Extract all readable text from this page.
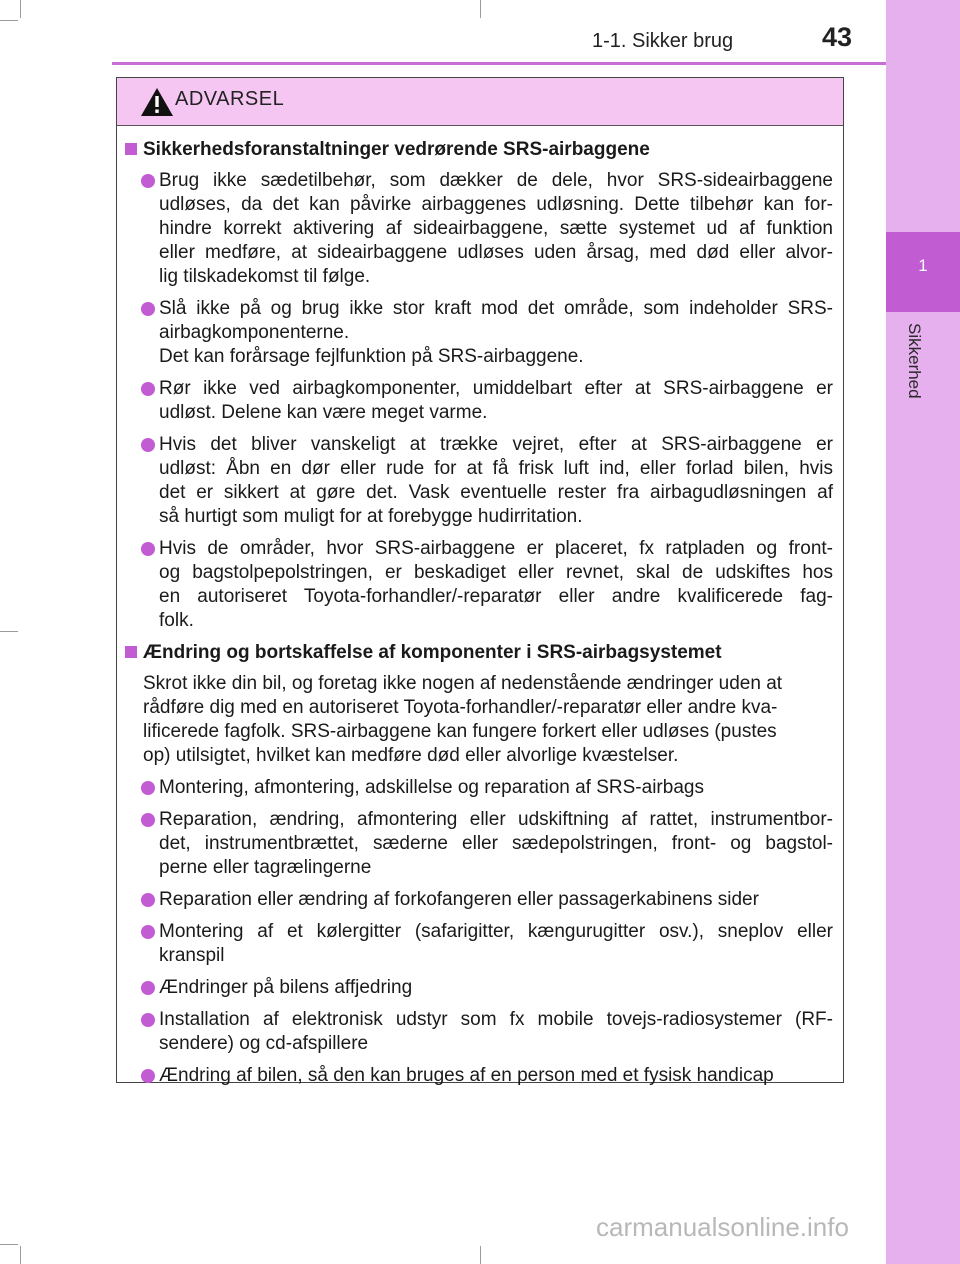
1
Sikkerhed
1-1. Sikker brug	43
ADVARSEL
Sikkerhedsforanstaltninger vedrørende SRS-airbaggene
Brug ikke sædetilbehør, som dækker de dele, hvor SRS-sideairbaggene
udløses, da det kan påvirke airbaggenes udløsning. Dette tilbehør kan for-
hindre korrekt aktivering af sideairbaggene, sætte systemet ud af funktion
eller medføre, at sideairbaggene udløses uden årsag, med død eller alvor-
lig tilskadekomst til følge.
Slå ikke på og brug ikke stor kraft mod det område, som indeholder SRS-
airbagkomponenterne.
Det kan forårsage fejlfunktion på SRS-airbaggene.
Rør ikke ved airbagkomponenter, umiddelbart efter at SRS-airbaggene er
udløst. Delene kan være meget varme.
Hvis det bliver vanskeligt at trække vejret, efter at SRS-airbaggene er
udløst: Åbn en dør eller rude for at få frisk luft ind, eller forlad bilen, hvis
det er sikkert at gøre det. Vask eventuelle rester fra airbagudløsningen af
så hurtigt som muligt for at forebygge hudirritation.
Hvis de områder, hvor SRS-airbaggene er placeret, fx ratpladen og front-
og bagstolpepolstringen, er beskadiget eller revnet, skal de udskiftes hos
en autoriseret Toyota-forhandler/-reparatør eller andre kvalificerede fag-
folk.
Ændring og bortskaffelse af komponenter i SRS-airbagsystemet
Skrot ikke din bil, og foretag ikke nogen af nedenstående ændringer uden at
rådføre dig med en autoriseret Toyota-forhandler/-reparatør eller andre kva-
lificerede fagfolk. SRS-airbaggene kan fungere forkert eller udløses (pustes
op) utilsigtet, hvilket kan medføre død eller alvorlige kvæstelser.
Montering, afmontering, adskillelse og reparation af SRS-airbags
Reparation, ændring, afmontering eller udskiftning af rattet, instrumentbor-
det, instrumentbrættet, sæderne eller sædepolstringen, front- og bagstol-
perne eller tagrælingerne
Reparation eller ændring af forkofangeren eller passagerkabinens sider
Montering af et kølergitter (safarigitter, kængurugitter osv.), sneplov eller
kranspil
Ændringer på bilens affjedring
Installation af elektronisk udstyr som fx mobile tovejs-radiosystemer (RF-
sendere) og cd-afspillere
Ændring af bilen, så den kan bruges af en person med et fysisk handicap
carmanualsonline.info
